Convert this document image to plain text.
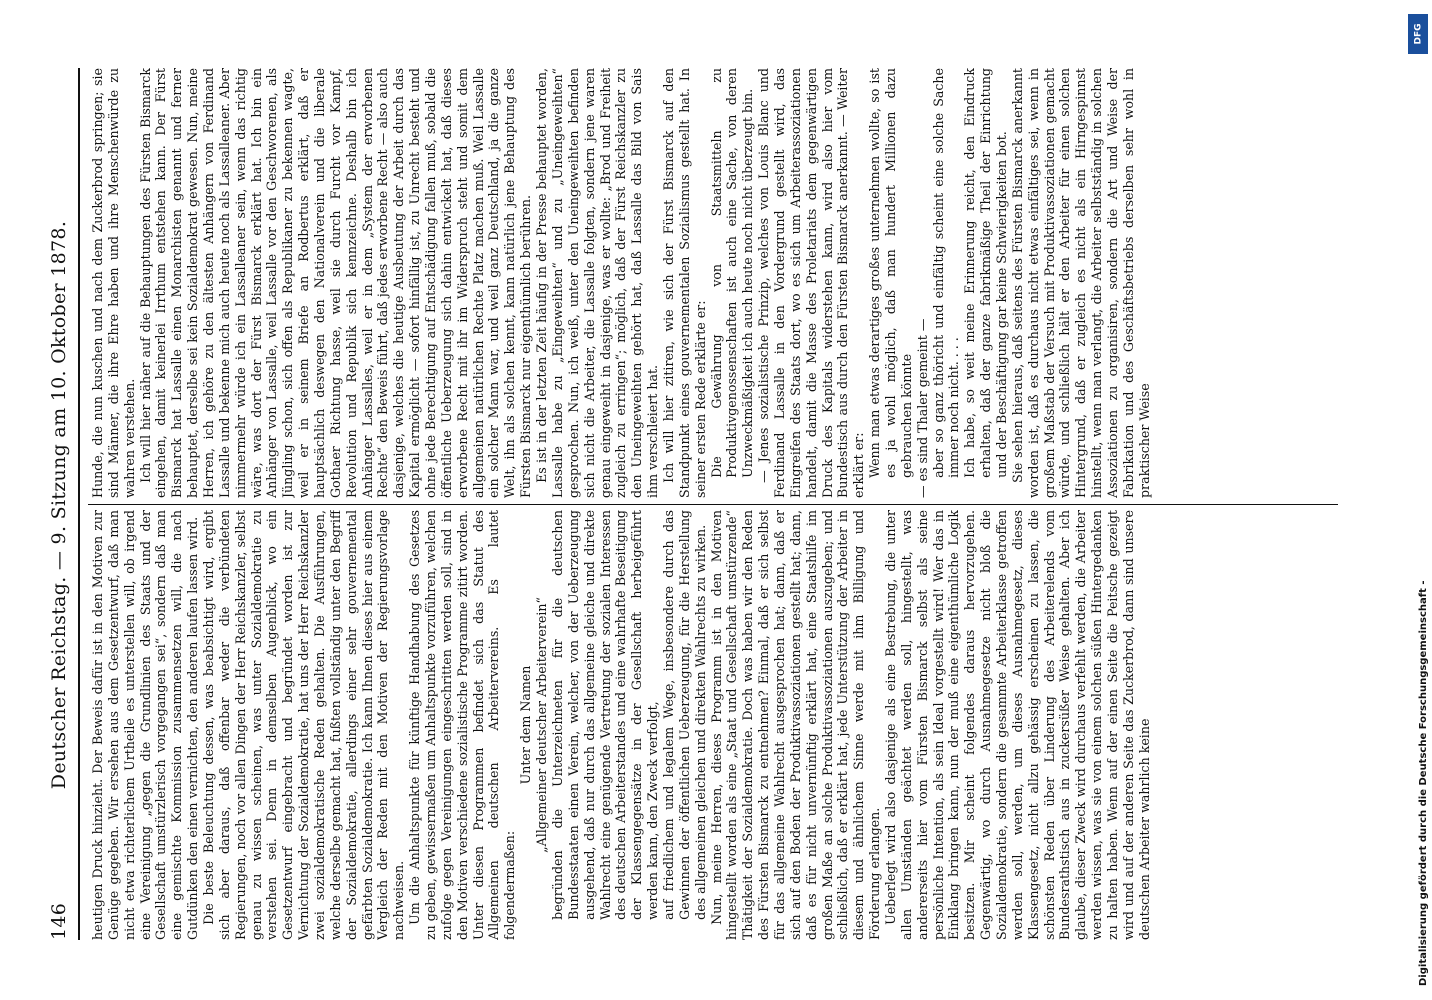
146
Deutscher Reichstag. — 9. Sitzung am 10. Oktober 1878. heutigen Druck hinzieht. Der Beweis dafür ist in den Motiven zur Genüge gegeben. Wir ersehen aus dem Gesetzentwurf, daß man nicht etwa richterlichem Urtheile es unterstellen will, ob irgend eine Vereinigung „gegen die Grundlinien des Staats und der Gesellschaft umstürzlerisch vorgegangen sei“, sondern daß man eine gemischte Kommission zusammensetzen will, die nach Gutdünken den einen vernichten, den anderen laufen lassen wird. Die beste Beleuchtung dessen, was beabsichtigt wird, ergibt sich aber daraus, daß offenbar weder die verbündeten Regierungen, noch vor allen Dingen der Herr Reichskanzler, selbst genau zu wissen scheinen, was unter Sozialdemokratie zu verstehen sei. Denn in demselben Augenblick, wo ein Gesetzentwurf eingebracht und begründet worden ist zur Vernichtung der Sozialdemokratie, hat uns der Herr Reichskanzler zwei sozialdemokratische Reden gehalten. Die Ausführungen, welche derselbe gemacht hat, fußten vollständig unter den Begriff der Sozialdemokratie, allerdings einer sehr gouvernemental gefärbten Sozialdemokratie. Ich kann Ihnen dieses hier aus einem Vergleich der Reden mit den Motiven der Regierungsvorlage nachweisen. Um die Anhaltspunkte für künftige Handhabung des Gesetzes zu geben, gewissermaßen um Anhaltspunkte vorzuführen, welchen zufolge gegen Vereinigungen eingeschritten werden soll, sind in den Motiven verschiedene sozialistische Programme zitirt worden. Unter diesen Programmen befindet sich das Statut des Allgemeinen deutschen Arbeitervereins. Es lautet folgendermaßen:

Unter dem Namen „Allgemeiner deutscher Arbeiterverein“ begründen die Unterzeichneten für die deutschen Bundesstaaten einen Verein, welcher, von der Ueberzeugung ausgehend, daß nur durch das allgemeine gleiche und direkte Wahlrecht eine genügende Vertretung der sozialen Interessen des deutschen Arbeiterstandes und eine wahrhafte Beseitigung der Klassengegensätze in der Gesellschaft herbeigeführt werden kann, den Zweck verfolgt, auf friedlichem und legalem Wege, insbesondere durch das Gewinnen der öffentlichen Ueberzeugung, für die Herstellung des allgemeinen gleichen und direkten Wahlrechts zu wirken. Nun, meine Herren, dieses Programm ist in den Motiven hingestellt worden als eine „Staat und Gesellschaft umstürzende“ Thätigkeit der Sozialdemokratie. Doch was haben wir den Reden des Fürsten Bismarck zu entnehmen? Einmal, daß er sich selbst für das allgemeine Wahlrecht ausgesprochen hat; dann, daß er sich auf den Boden der Produktivassoziationen gestellt hat; dann, daß es für nicht unvernünftig erklärt hat, eine Staatshilfe im großen Maße an solche Produktivassoziationen auszugeben; und schließlich, daß er erklärt hat, jede Unterstützung der Arbeiter in diesem und ähnlichem Sinne werde mit ihm Billigung und Förderung erlangen. Ueberlegt wird also dasjenige als eine Bestrebung, die unter allen Umständen geächtet werden soll, hingestellt, was andererseits hier vom Fürsten Bismarck selbst als seine persönliche Intention, als sein Ideal vorgestellt wird! Wer das in Einklang bringen kann, nun der muß eine eigenthümliche Logik besitzen. Mir scheint folgendes daraus hervorzugehen. Gegenwärtig, wo durch Ausnahmegesetze nicht bloß die Sozialdemokratie, sondern die gesammte Arbeiterklasse getroffen werden soll, werden, um dieses Ausnahmegesetz, dieses Klassengesetz, nicht allzu gehässig erscheinen zu lassen, die schönsten Reden über Linderung des Arbeiterelends vom Bundesrathstisch aus in zuckersüßer Weise gehalten. Aber ich glaube, dieser Zweck wird durchaus verfehlt werden, die Arbeiter werden wissen, was sie von einem solchen süßen Hintergedanken zu halten haben. Wenn auf der einen Seite die Peitsche gezeigt wird und auf der anderen Seite das Zuckerbrod, dann sind unsere deutschen Arbeiter wahrlich keine

Hunde, die nun kuschen und nach dem Zuckerbrod springen; sie sind Männer, die ihre Ehre haben und ihre Menschenwürde zu wahren verstehen. Ich will hier näher auf die Behauptungen des Fürsten Bismarck eingehen, damit keinerlei Irrthum entstehen kann. Der Fürst Bismarck hat Lassalle einen Monarchisten genannt und ferner behauptet, derselbe sei kein Sozialdemokrat gewesen. Nun, meine Herren, ich gehöre zu den ältesten Anhängern von Ferdinand Lassalle und bekenne mich auch heute noch als Lassalleaner. Aber nimmermehr würde ich ein Lassalleaner sein, wenn das richtig wäre, was dort der Fürst Bismarck erklärt hat. Ich bin ein Anhänger von Lassalle, weil Lassalle vor den Geschworenen, als Jüngling schon, sich offen als Republikaner zu bekennen wagte, weil er in seinem Briefe an Rodbertus erklärt, daß er hauptsächlich deswegen den Nationalverein und die liberale Gothaer Richtung hasse, weil sie durch Furcht vor Kampf, Revolution und Republik sich kennzeichne. Deshalb bin ich Anhänger Lassalles, weil er in dem „System der erworbenen Rechte“ den Beweis führt, daß jedes erworbene Recht — also auch dasjenige, welches die heutige Ausbeutung der Arbeit durch das Kapital ermöglicht — sofort hinfällig ist, zu Unrecht besteht und ohne jede Berechtigung auf Entschädigung fallen muß, sobald die öffentliche Ueberzeugung sich dahin entwickelt hat, daß dieses erworbene Recht mit ihr im Widerspruch steht und somit dem allgemeinen natürlichen Rechte Platz machen muß. Weil Lassalle ein solcher Mann war, und weil ganz Deutschland, ja die ganze Welt, ihn als solchen kennt, kann natürlich jene Behauptung des Fürsten Bismarck nur eigenthümlich berühren. Es ist in der letzten Zeit häufig in der Presse behauptet worden, Lassalle habe zu „Eingeweihten“ und zu „Uneingeweihten“ gesprochen. Nun, ich weiß, unter den Uneingeweihten befinden sich nicht die Arbeiter, die Lassalle folgten, sondern jene waren genau eingeweiht in dasjenige, was er wollte: „Brod und Freiheit zugleich zu erringen“; möglich, daß der Fürst Reichskanzler zu den Uneingeweihten gehört hat, daß Lassalle das Bild von Sais ihm verschleiert hat. Ich will hier zitiren, wie sich der Fürst Bismarck auf den Standpunkt eines gouvernementalen Sozialismus gestellt hat. In seiner ersten Rede erklärte er: Die Gewährung von Staatsmitteln zu Produktivgenossenschaften ist auch eine Sache, von deren Unzweckmäßigkeit ich auch heute noch nicht überzeugt bin. — Jenes sozialistische Prinzip, welches von Louis Blanc und Ferdinand Lassalle in den Vordergrund gestellt wird, das Eingreifen des Staats dort, wo es sich um Arbeiterassoziationen handelt, damit die Masse des Proletariats dem gegenwärtigen Druck des Kapitals widerstehen kann, wird also hier vom Bundestisch aus durch den Fürsten Bismarck anerkannt. — Weiter erklärt er: Wenn man etwas derartiges großes unternehmen wollte, so ist es ja wohl möglich, daß man hundert Millionen dazu gebrauchen könnte — es sind Thaler gemeint — aber so ganz thöricht und einfältig scheint eine solche Sache immer noch nicht. . . . Ich habe, so weit meine Erinnerung reicht, den Eindruck erhalten, daß der ganze fabrikmäßige Theil der Einrichtung und der Beschäftigung gar keine Schwierigkeiten bot. Sie sehen hieraus, daß seitens des Fürsten Bismarck anerkannt worden ist, daß es durchaus nicht etwas einfältiges sei, wenn in großem Maßstab der Versuch mit Produktivassoziationen gemacht würde, und schließlich hält er den Arbeiter für einen solchen Hintergrund, daß er zugleich es nicht als ein Hirngespinnst hinstellt, wenn man verlangt, die Arbeiter selbstständig in solchen Assoziationen zu organisiren, sondern die Art und Weise der Fabrikation und des Geschäftsbetriebs derselben sehr wohl in praktischer Weise

DFG
Digitalisierung gefördert durch die Deutsche Forschungsgemeinschaft -
